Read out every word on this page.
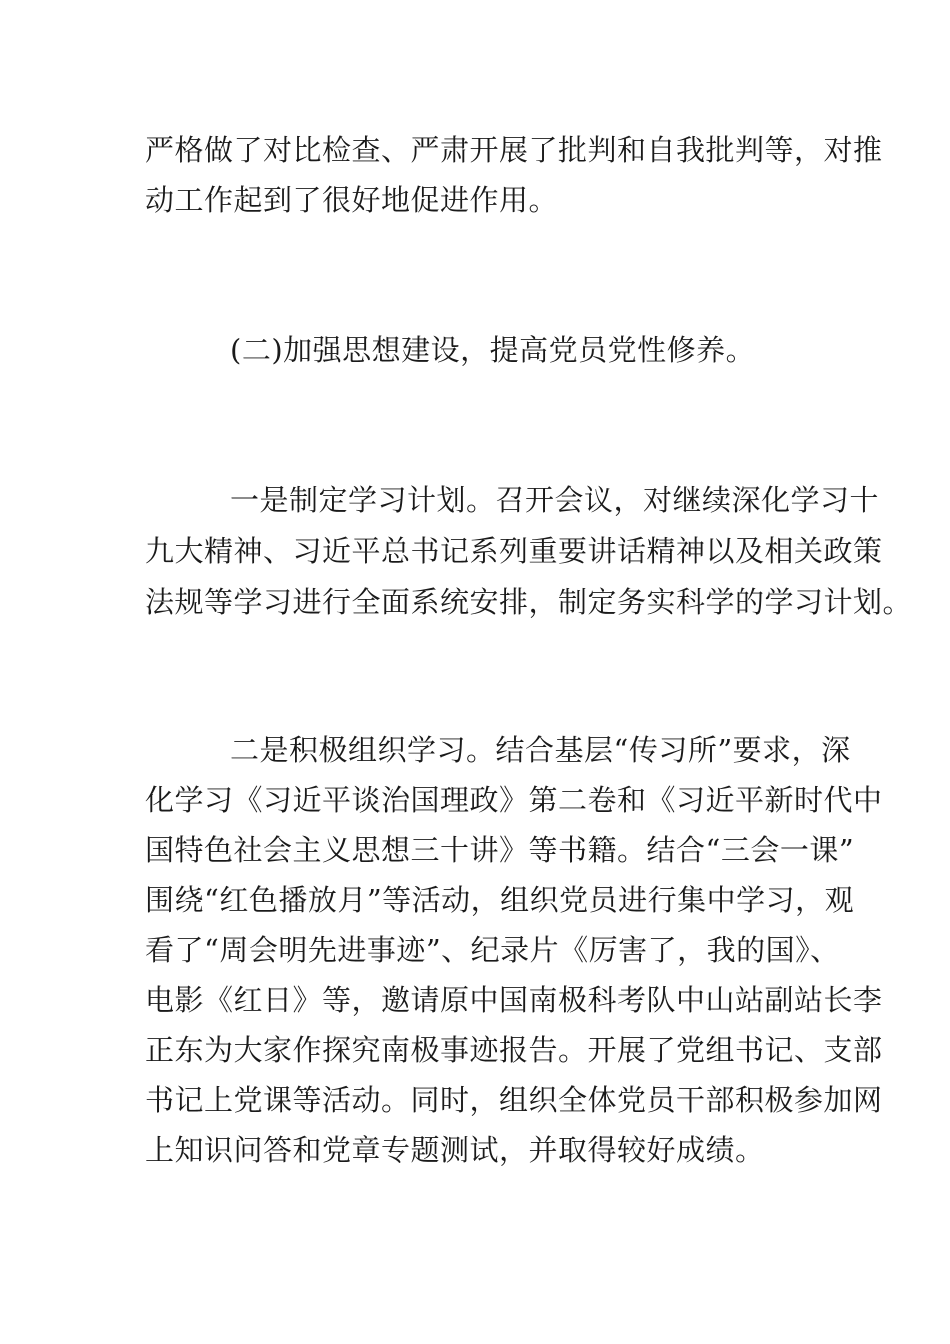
严格做了对比检查、严肃开展了批判和自我批判等，对推
动工作起到了很好地促进作用。
(二)加强思想建设，提高党员党性修养。
一是制定学习计划。召开会议，对继续深化学习十
九大精神、习近平总书记系列重要讲话精神以及相关政策
法规等学习进行全面系统安排，制定务实科学的学习计划。
二是积极组织学习。结合基层“传习所”要求，深
化学习《习近平谈治国理政》第二卷和《习近平新时代中
国特色社会主义思想三十讲》等书籍。结合“三会一课”
围绕“红色播放月”等活动，组织党员进行集中学习，观
看了“周会明先进事迹”、纪录片《厉害了，我的国》、
电影《红日》等，邀请原中国南极科考队中山站副站长李
正东为大家作探究南极事迹报告。开展了党组书记、支部
书记上党课等活动。同时，组织全体党员干部积极参加网
上知识问答和党章专题测试，并取得较好成绩。
